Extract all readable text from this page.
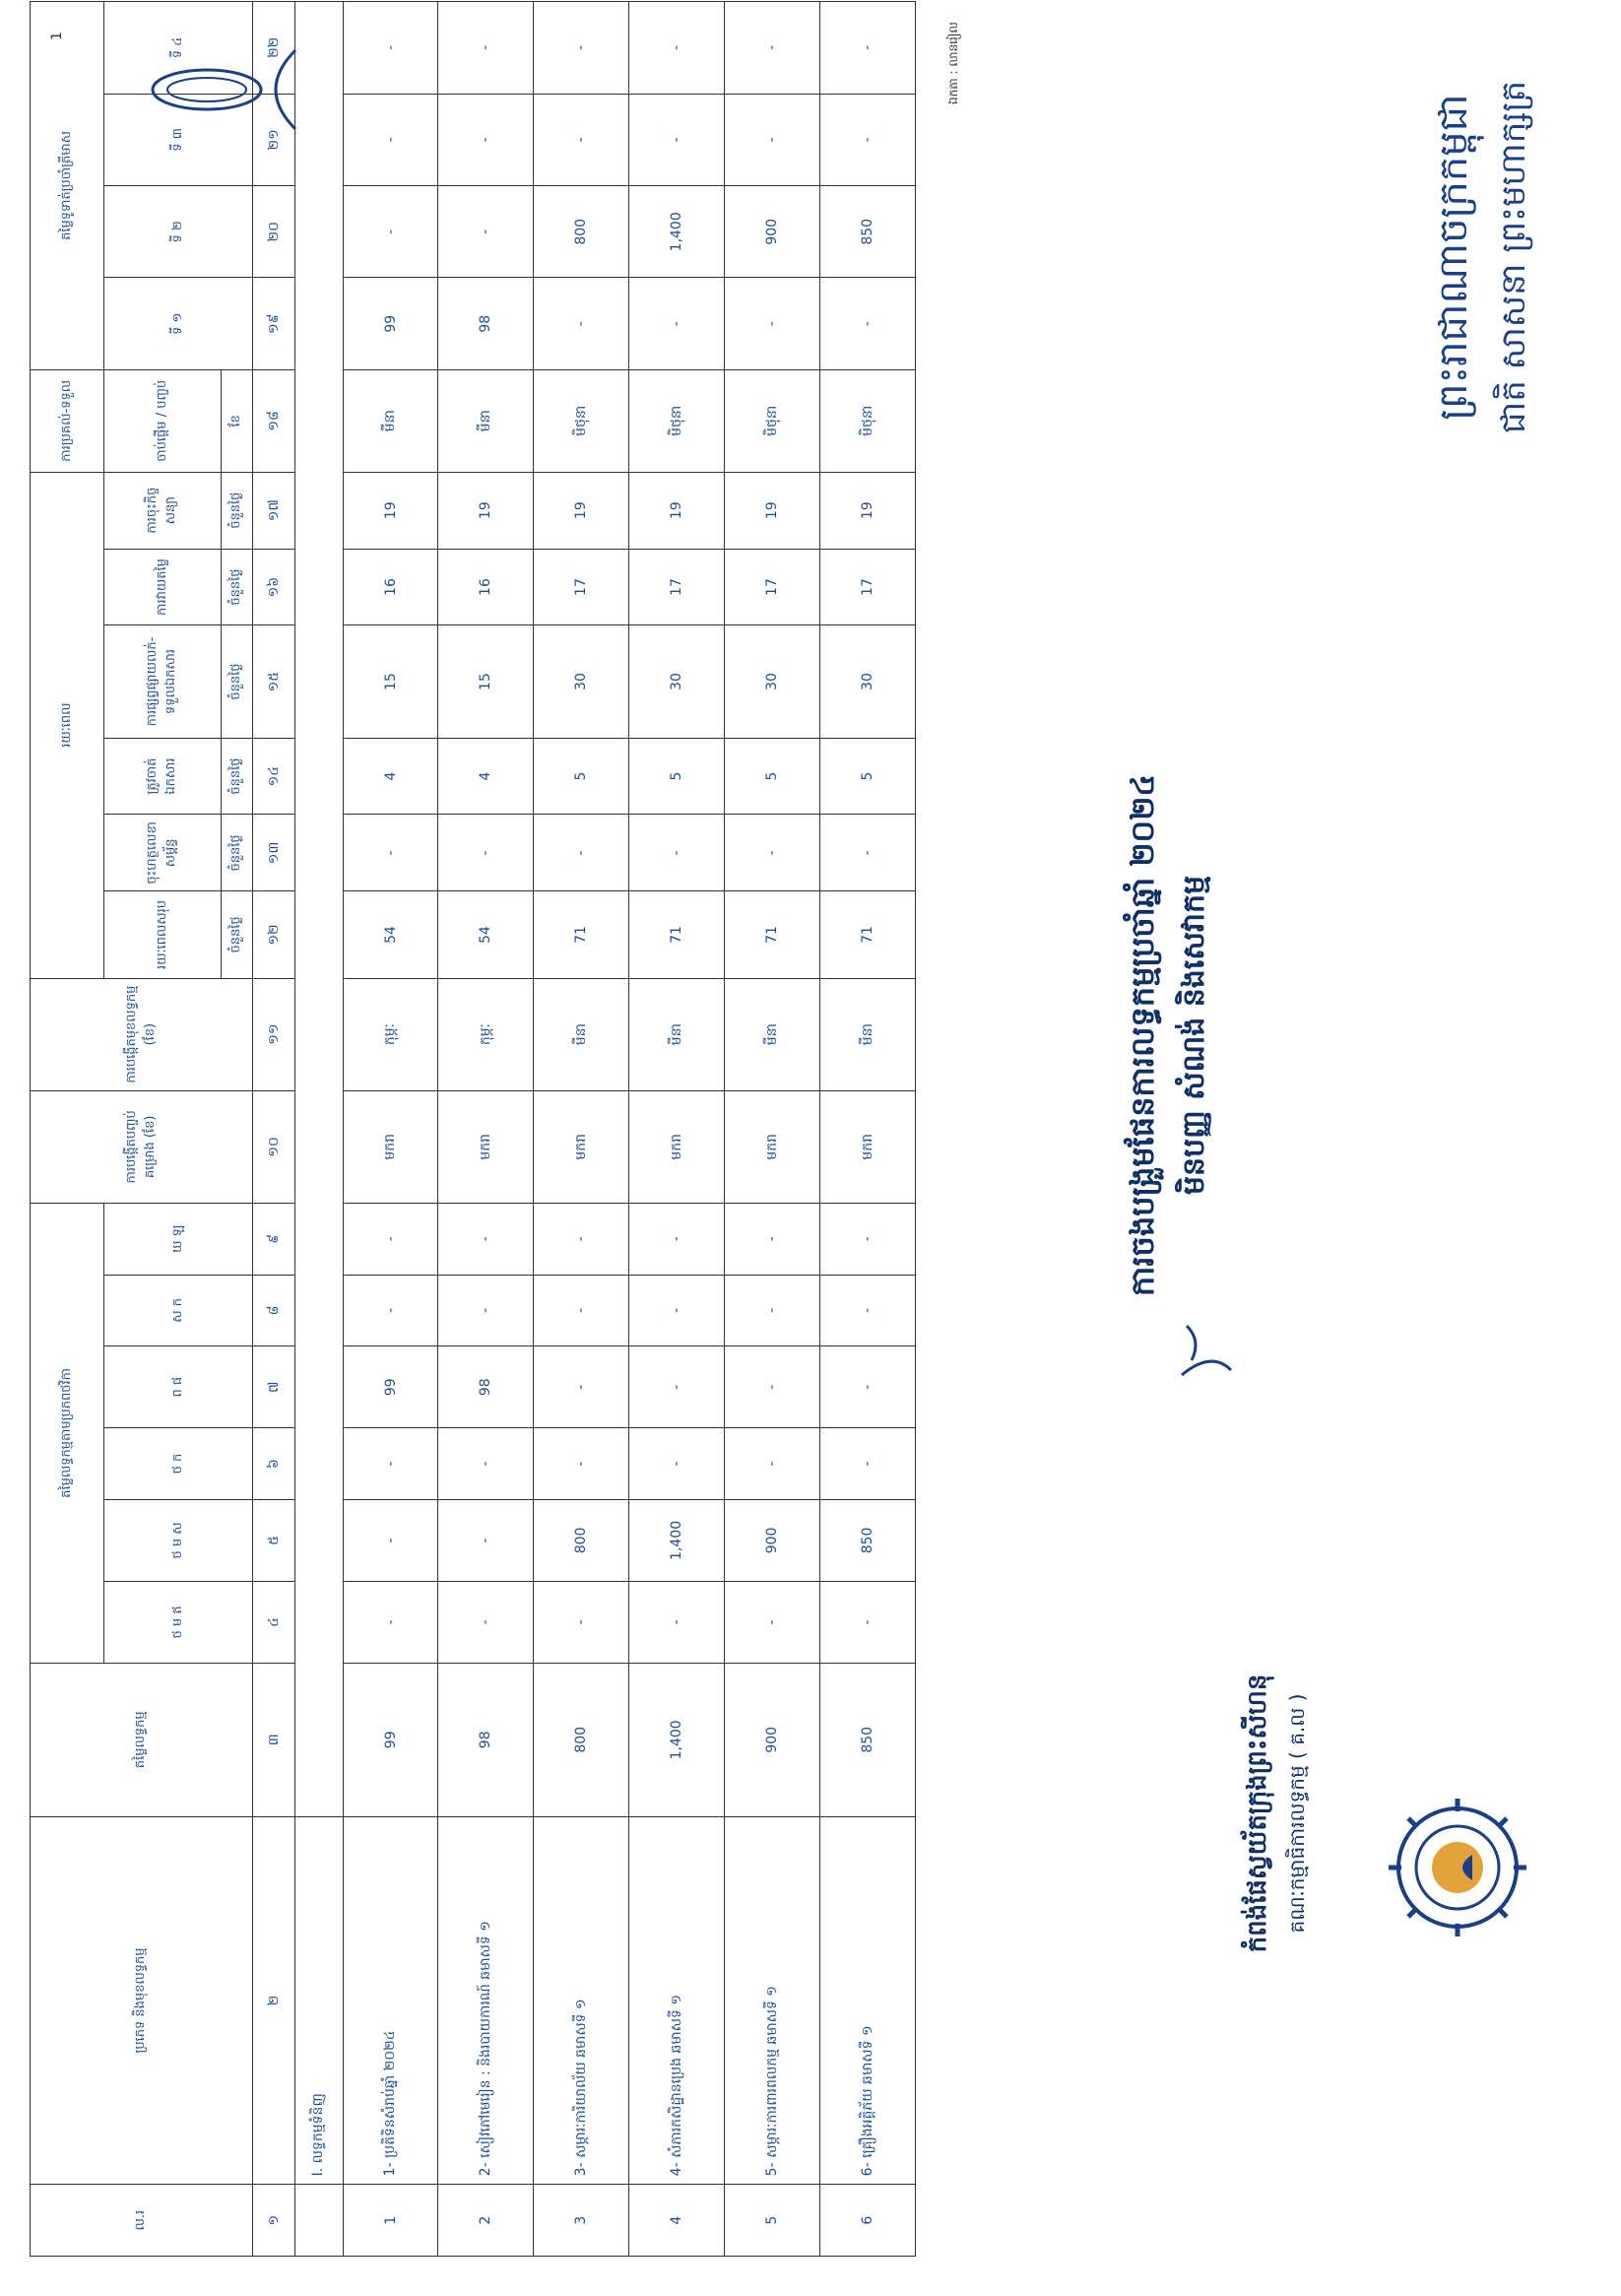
ព្រះរាជាណាចក្រកម្ពុជា ជាតិ សាសនា ព្រះមហាក្សត្រ
កំពង់ផែស្វយ័តក្រុងព្រះសីហនុ គណៈកម្មាធិការលទ្ធកម្ម ( គ.ល )
ការចងបង្រួមផែនការលទ្ធកម្មប្រចាំឆ្នាំ ២០២៤ មិនបញ្ញ សំណង់ និងសេវាកម្ម
ឯកតា : លានរៀល
ល.រ	ប្រភេទ និងមុខលទ្ធកម្ម	តម្លៃលទ្ធកម្ម	តម្លៃលទ្ធកម្មតាមប្រភពថវិកា						ការបង្កើតបញ្ចប់គម្រោង (ខែ)	ការបង្កើតមុខលទ្ធកម្ម (ខែ)	រយៈពេល						ការប្រគល់-ទទួល	តម្លៃទូទាត់ប្រចាំត្រីមាស			
			ថ ម ឥ	ថ ម ស	ថ ក	ព ផ	ស ក	ឃ ឡ			រយៈពេលសរុប	ចុះហត្ថលេខាសម្ព័ន្ធ	ត្រូវចាត់ឯកសារ	ការផ្សព្វផ្សាយលក់-ទទួលឯកសារ	ការវាយតម្លៃ	ការចុះកិច្ចសន្យា	ចាប់ផ្តើម / បញ្ចប់	ទី ១	ទី ២	ទី ៣	ទី ៤
											ចំនួនថ្ងៃ	ចំនួនថ្ងៃ	ចំនួនថ្ងៃ	ចំនួនថ្ងៃ	ចំនួនថ្ងៃ	ចំនួនថ្ងៃ	ខែ				
១	២	៣	៤	៥	៦	៧	៨	៩	១០	១១	១២	១៣	១៤	១៥	១៦	១៧	១៨	១៩	២០	២១	២២
	I. លទ្ធកម្មទំនិញ																				
1	1- ប្រតិទិនសំរាប់ឆ្នាំ ២០២៤	99	-	-	-	99	-	-	មករា	កុម្ភៈ	54	-	4	15	16	19	មីនា	99	-	-	-
2	2- សៀវភៅមេរៀន : និងរបាយការណ៍ ឆមាសទី ១	98	-	-	-	98	-	-	មករា	កុម្ភៈ	54	-	4	15	16	19	មីនា	98	-	-	-
3	3- សម្ភារៈការិយាល័យ ឆមាសទី ១	800	-	800	-	-	-	-	មករា	មីនា	71	-	5	30	17	19	មិថុនា	-	800	-	-
4	4- សំភារកសិដ្ឋានប្រេង ឆមាសទី ១	1,400	-	1,400	-	-	-	-	មករា	មីនា	71	-	5	30	17	19	មិថុនា	-	1,400	-	-
5	5- សម្ភារៈការពារពលកម្ម ឆមាសទី ១	900	-	900	-	-	-	-	មករា	មីនា	71	-	5	30	17	19	មិថុនា	-	900	-	-
6	6- គ្រឿងអគ្គិភ័យ ឆមាសទី ១	850	-	850	-	-	-	-	មករា	មីនា	71	-	5	30	17	19	មិថុនា	-	850	-	-
1
